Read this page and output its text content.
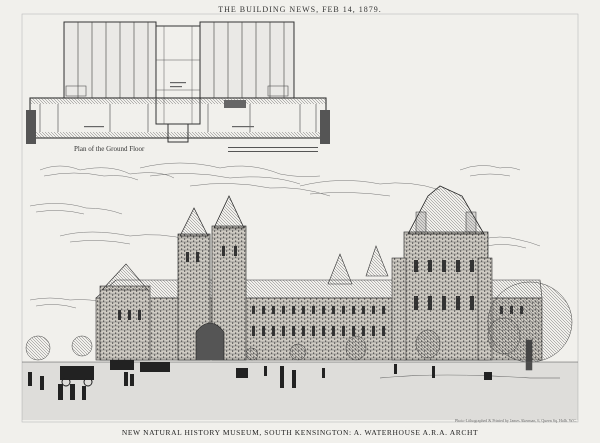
THE BUILDING NEWS, FEB 14, 1879.
Plan of the Ground Floor
Photo-Lithographed & Printed by James Akerman, 6, Queen Sq. Holb. W.C.
NEW NATURAL HISTORY MUSEUM, SOUTH KENSINGTON: A. WATERHOUSE A.R.A. ARCHT
